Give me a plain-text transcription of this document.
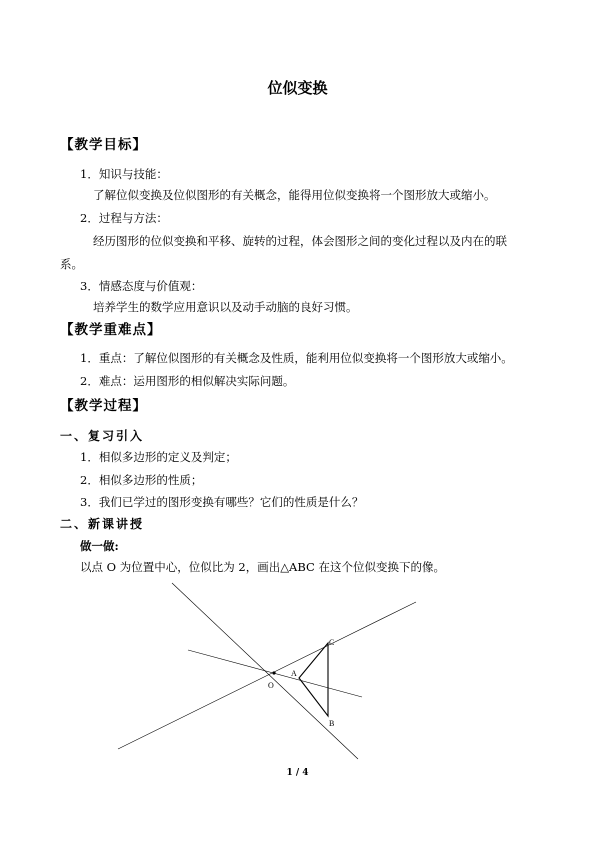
位似变换
【教学目标】
1．知识与技能：
了解位似变换及位似图形的有关概念，能得用位似变换将一个图形放大或缩小。
2．过程与方法：
经历图形的位似变换和平移、旋转的过程，体会图形之间的变化过程以及内在的联
系。
3．情感态度与价值观：
培养学生的数学应用意识以及动手动脑的良好习惯。
【教学重难点】
1．重点：了解位似图形的有关概念及性质，能利用位似变换将一个图形放大或缩小。
2．难点：运用图形的相似解决实际问题。
【教学过程】
一、复习引入
1．相似多边形的定义及判定；
2．相似多边形的性质；
3．我们已学过的图形变换有哪些？它们的性质是什么？
二、新课讲授
做一做:
以点 O 为位置中心，位似比为 2，画出△ABC 在这个位似变换下的像。
O
A
B
C
1 / 4
